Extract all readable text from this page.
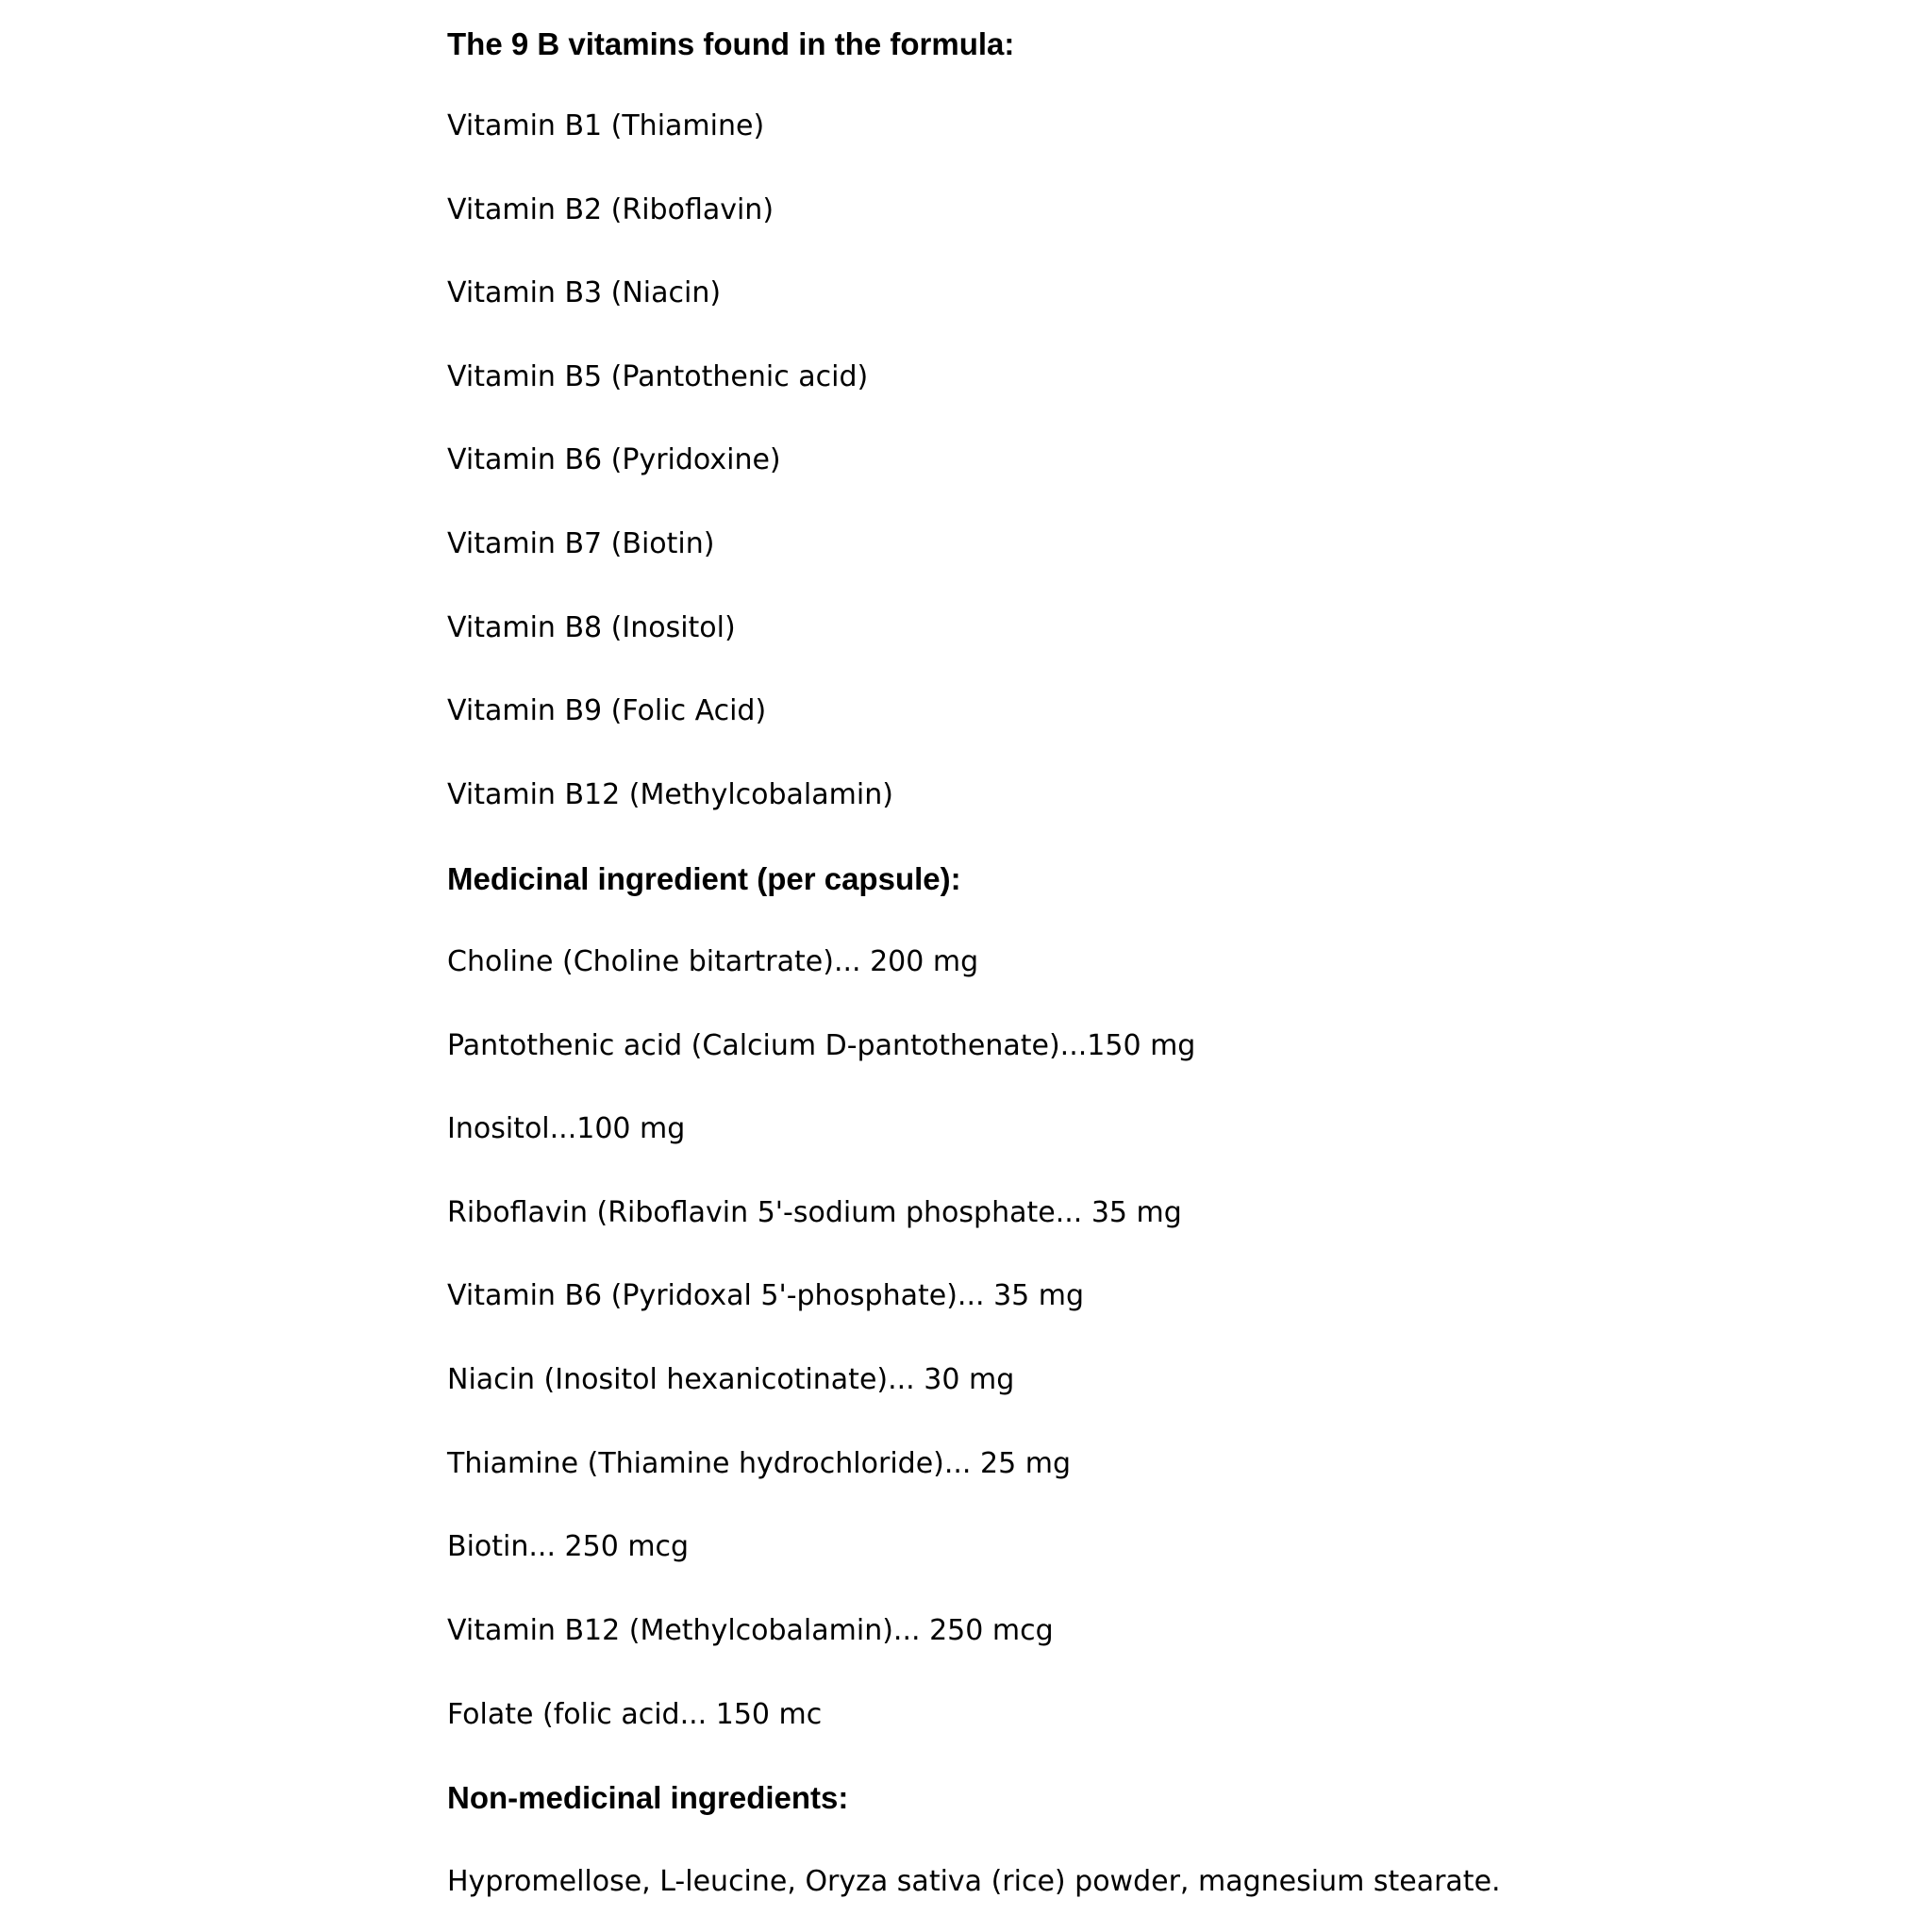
The 9 B vitamins found in the formula:
Vitamin B1 (Thiamine)
Vitamin B2 (Riboflavin)
Vitamin B3 (Niacin)
Vitamin B5 (Pantothenic acid)
Vitamin B6 (Pyridoxine)
Vitamin B7 (Biotin)
Vitamin B8 (Inositol)
Vitamin B9 (Folic Acid)
Vitamin B12 (Methylcobalamin)
Medicinal ingredient (per capsule):
Choline (Choline bitartrate)... 200 mg
Pantothenic acid (Calcium D-pantothenate)...150 mg
Inositol...100 mg
Riboflavin (Riboflavin 5'-sodium phosphate... 35 mg
Vitamin B6 (Pyridoxal 5'-phosphate)... 35 mg
Niacin (Inositol hexanicotinate)... 30 mg
Thiamine (Thiamine hydrochloride)... 25 mg
Biotin... 250 mcg
Vitamin B12 (Methylcobalamin)... 250 mcg
Folate (folic acid... 150 mc
Non-medicinal ingredients:
Hypromellose, L-leucine, Oryza sativa (rice) powder, magnesium stearate.
